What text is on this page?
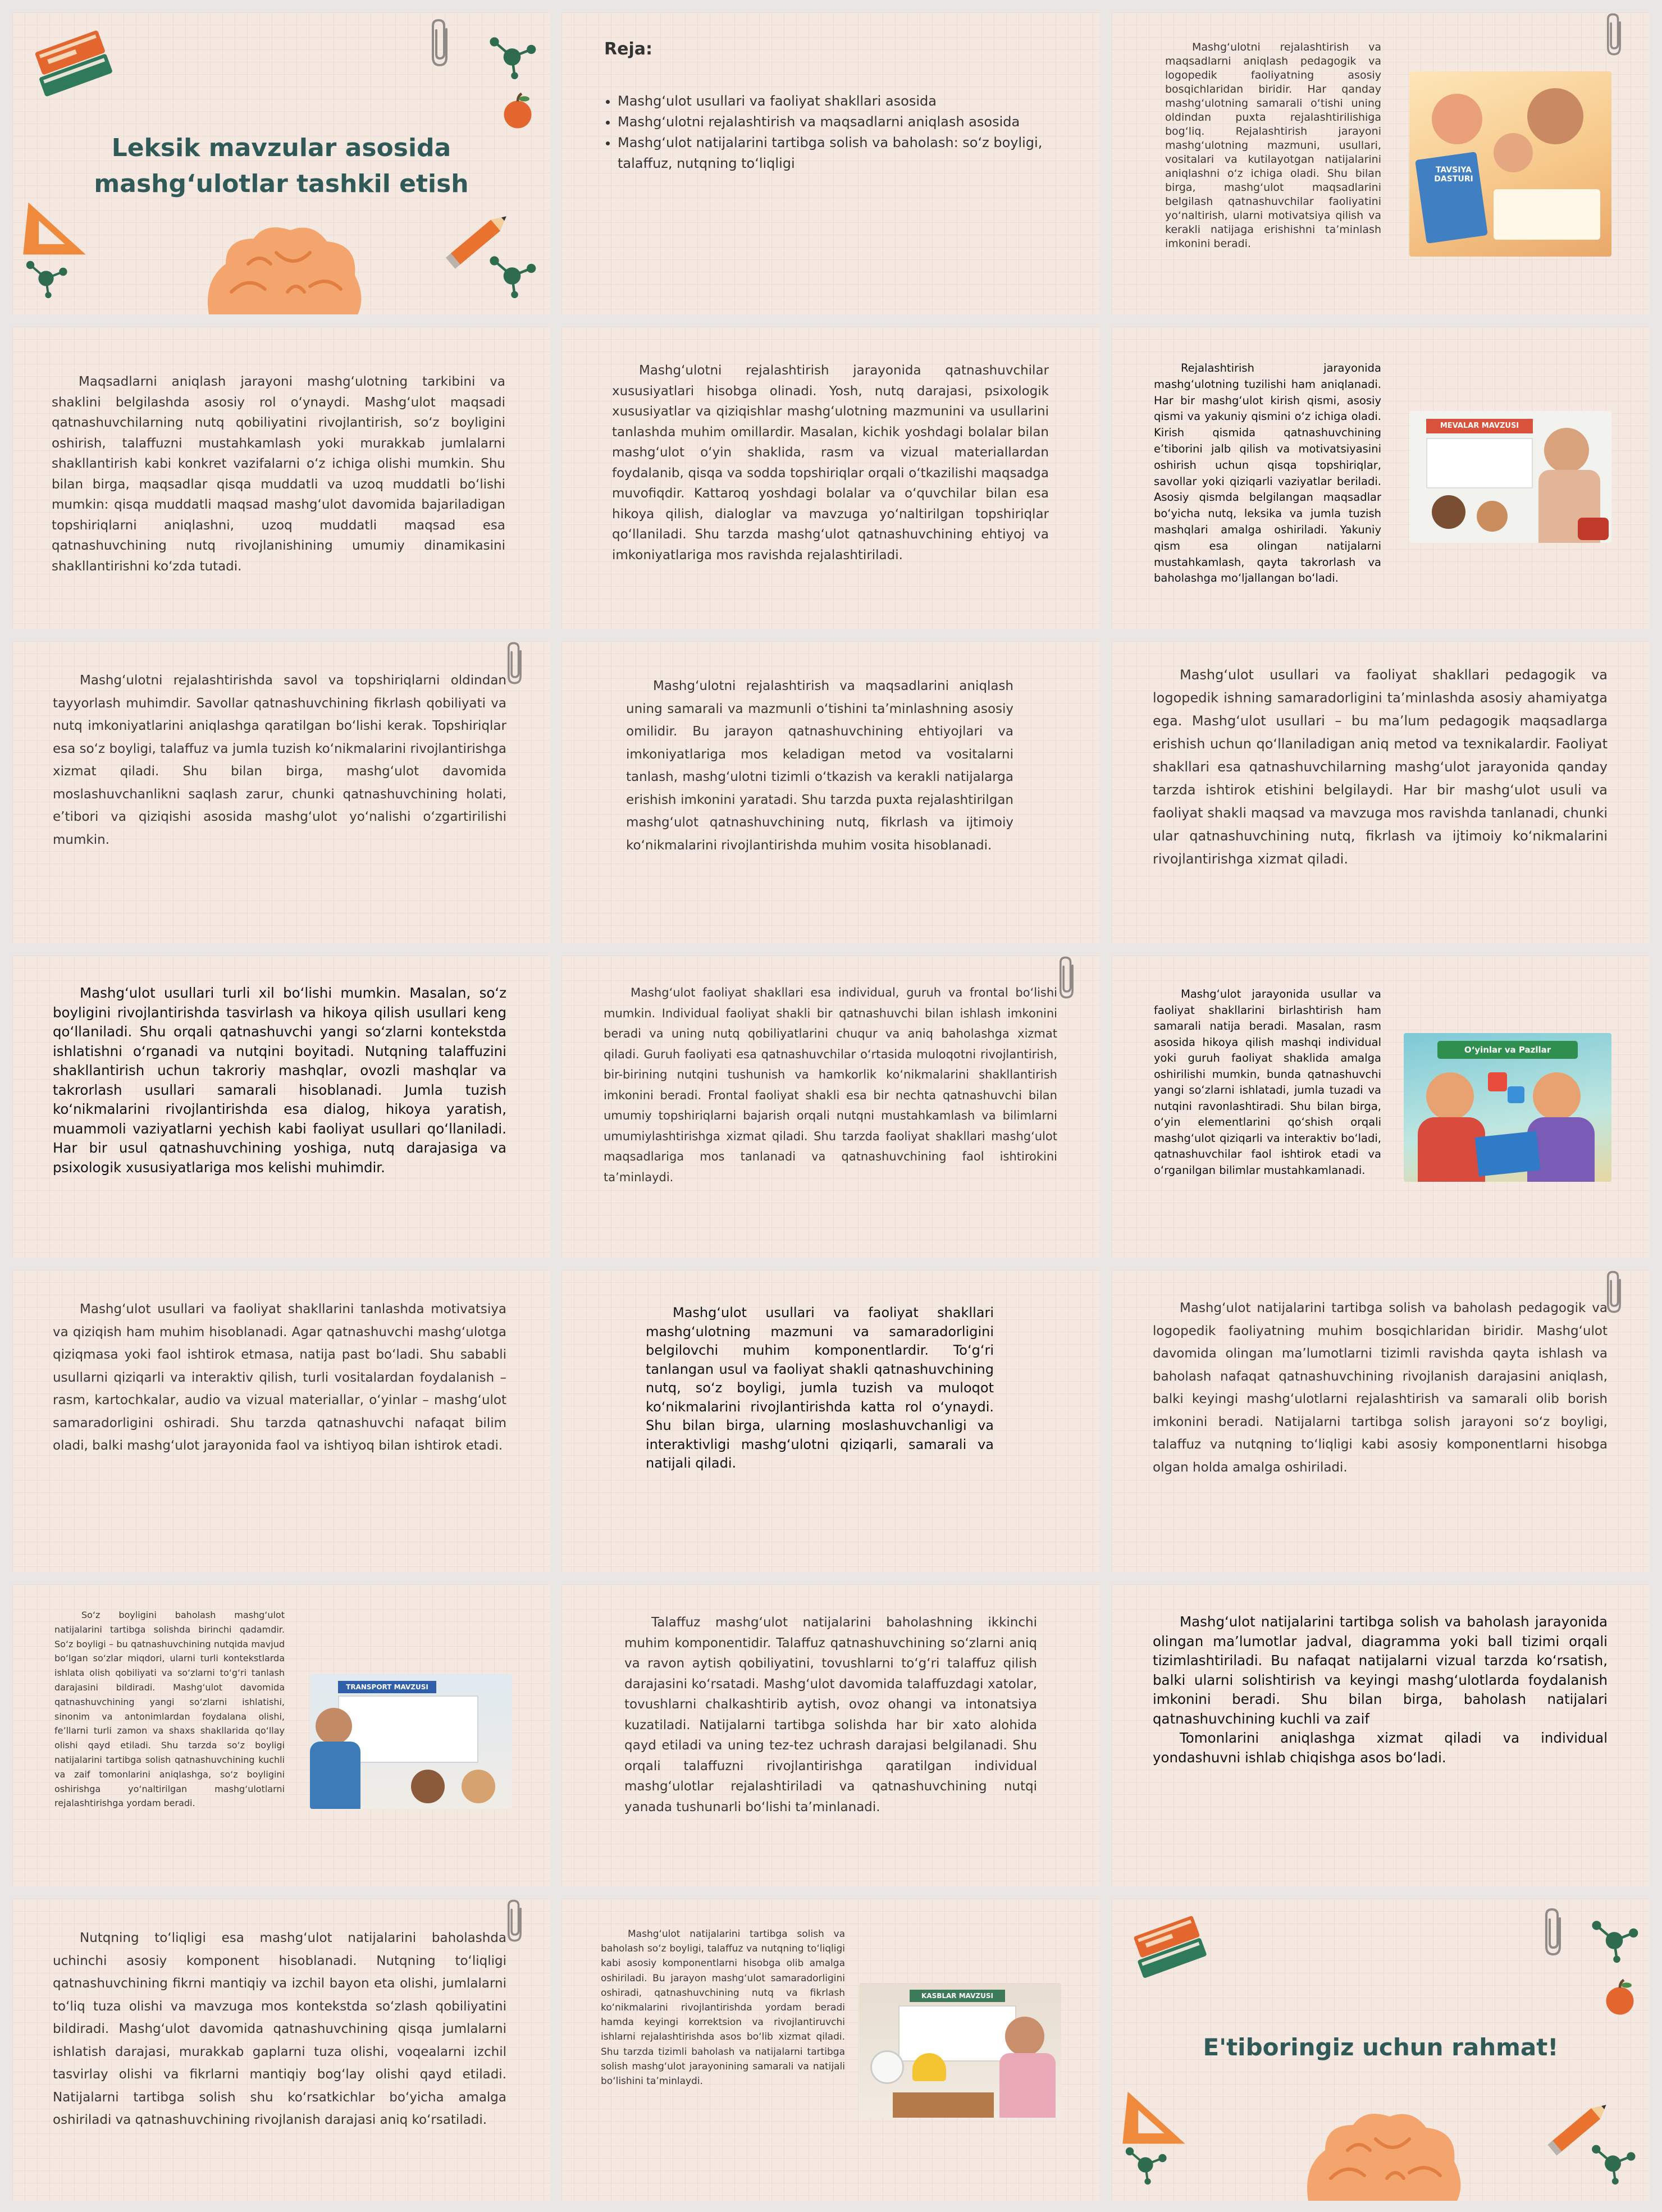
Leksik mavzular asosida mashg‘ulotlar tashkil etish
Reja:
• Mashg‘ulot usullari va faoliyat shakllari asosida
• Mashg‘ulotni rejalashtirish va maqsadlarni aniqlash asosida
• Mashg‘ulot natijalarini tartibga solish va baholash: so‘z boyligi, talaffuz, nutqning to‘liqligi
Mashg‘ulotni rejalashtirish va maqsadlarni aniqlash pedagogik va logopedik faoliyatning asosiy bosqichlaridan biridir. Har qanday mashg‘ulotning samarali o‘tishi uning oldindan puxta rejalashtirilishiga bog‘liq. Rejalashtirish jarayoni mashg‘ulotning mazmuni, usullari, vositalari va kutilayotgan natijalarini aniqlashni o‘z ichiga oladi. Shu bilan birga, mashg‘ulot maqsadlarini belgilash qatnashuvchilar faoliyatini yo‘naltirish, ularni motivatsiya qilish va kerakli natijaga erishishni ta’minlash imkonini beradi.
TAVSIYA DASTURI
Maqsadlarni aniqlash jarayoni mashg‘ulotning tarkibini va shaklini belgilashda asosiy rol o‘ynaydi. Mashg‘ulot maqsadi qatnashuvchilarning nutq qobiliyatini rivojlantirish, so‘z boyligini oshirish, talaffuzni mustahkamlash yoki murakkab jumlalarni shakllantirish kabi konkret vazifalarni o‘z ichiga olishi mumkin. Shu bilan birga, maqsadlar qisqa muddatli va uzoq muddatli bo‘lishi mumkin: qisqa muddatli maqsad mashg‘ulot davomida bajariladigan topshiriqlarni aniqlashni, uzoq muddatli maqsad esa qatnashuvchining nutq rivojlanishining umumiy dinamikasini shakllantirishni ko‘zda tutadi.
Mashg‘ulotni rejalashtirish jarayonida qatnashuvchilar xususiyatlari hisobga olinadi. Yosh, nutq darajasi, psixologik xususiyatlar va qiziqishlar mashg‘ulotning mazmunini va usullarini tanlashda muhim omillardir. Masalan, kichik yoshdagi bolalar bilan mashg‘ulot o‘yin shaklida, rasm va vizual materiallardan foydalanib, qisqa va sodda topshiriqlar orqali o‘tkazilishi maqsadga muvofiqdir. Kattaroq yoshdagi bolalar va o‘quvchilar bilan esa hikoya qilish, dialoglar va mavzuga yo‘naltirilgan topshiriqlar qo‘llaniladi. Shu tarzda mashg‘ulot qatnashuvchining ehtiyoj va imkoniyatlariga mos ravishda rejalashtiriladi.
Rejalashtirish jarayonida mashg‘ulotning tuzilishi ham aniqlanadi. Har bir mashg‘ulot kirish qismi, asosiy qismi va yakuniy qismini o‘z ichiga oladi. Kirish qismida qatnashuvchining e’tiborini jalb qilish va motivatsiyasini oshirish uchun qisqa topshiriqlar, savollar yoki qiziqarli vaziyatlar beriladi. Asosiy qismda belgilangan maqsadlar bo‘yicha nutq, leksika va jumla tuzish mashqlari amalga oshiriladi. Yakuniy qism esa olingan natijalarni mustahkamlash, qayta takrorlash va baholashga mo‘ljallangan bo‘ladi.
MEVALAR MAVZUSI
Mashg‘ulotni rejalashtirishda savol va topshiriqlarni oldindan tayyorlash muhimdir. Savollar qatnashuvchining fikrlash qobiliyati va nutq imkoniyatlarini aniqlashga qaratilgan bo‘lishi kerak. Topshiriqlar esa so‘z boyligi, talaffuz va jumla tuzish ko‘nikmalarini rivojlantirishga xizmat qiladi. Shu bilan birga, mashg‘ulot davomida moslashuvchanlikni saqlash zarur, chunki qatnashuvchining holati, e’tibori va qiziqishi asosida mashg‘ulot yo‘nalishi o‘zgartirilishi mumkin.
Mashg‘ulotni rejalashtirish va maqsadlarini aniqlash uning samarali va mazmunli o‘tishini ta’minlashning asosiy omilidir. Bu jarayon qatnashuvchining ehtiyojlari va imkoniyatlariga mos keladigan metod va vositalarni tanlash, mashg‘ulotni tizimli o‘tkazish va kerakli natijalarga erishish imkonini yaratadi. Shu tarzda puxta rejalashtirilgan mashg‘ulot qatnashuvchining nutq, fikrlash va ijtimoiy ko‘nikmalarini rivojlantirishda muhim vosita hisoblanadi.
Mashg‘ulot usullari va faoliyat shakllari pedagogik va logopedik ishning samaradorligini ta’minlashda asosiy ahamiyatga ega. Mashg‘ulot usullari – bu ma’lum pedagogik maqsadlarga erishish uchun qo‘llaniladigan aniq metod va texnikalardir. Faoliyat shakllari esa qatnashuvchilarning mashg‘ulot jarayonida qanday tarzda ishtirok etishini belgilaydi. Har bir mashg‘ulot usuli va faoliyat shakli maqsad va mavzuga mos ravishda tanlanadi, chunki ular qatnashuvchining nutq, fikrlash va ijtimoiy ko‘nikmalarini rivojlantirishga xizmat qiladi.
Mashg‘ulot usullari turli xil bo‘lishi mumkin. Masalan, so‘z boyligini rivojlantirishda tasvirlash va hikoya qilish usullari keng qo‘llaniladi. Shu orqali qatnashuvchi yangi so‘zlarni kontekstda ishlatishni o‘rganadi va nutqini boyitadi. Nutqning talaffuzini shakllantirish uchun takroriy mashqlar, ovozli mashqlar va takrorlash usullari samarali hisoblanadi. Jumla tuzish ko‘nikmalarini rivojlantirishda esa dialog, hikoya yaratish, muammoli vaziyatlarni yechish kabi faoliyat usullari qo‘llaniladi. Har bir usul qatnashuvchining yoshiga, nutq darajasiga va psixologik xususiyatlariga mos kelishi muhimdir.
Mashg‘ulot faoliyat shakllari esa individual, guruh va frontal bo‘lishi mumkin. Individual faoliyat shakli bir qatnashuvchi bilan ishlash imkonini beradi va uning nutq qobiliyatlarini chuqur va aniq baholashga xizmat qiladi. Guruh faoliyati esa qatnashuvchilar o‘rtasida muloqotni rivojlantirish, bir-birining nutqini tushunish va hamkorlik ko‘nikmalarini shakllantirish imkonini beradi. Frontal faoliyat shakli esa bir nechta qatnashuvchi bilan umumiy topshiriqlarni bajarish orqali nutqni mustahkamlash va bilimlarni umumiylashtirishga xizmat qiladi. Shu tarzda faoliyat shakllari mashg‘ulot maqsadlariga mos tanlanadi va qatnashuvchining faol ishtirokini ta’minlaydi.
Mashg‘ulot jarayonida usullar va faoliyat shakllarini birlashtirish ham samarali natija beradi. Masalan, rasm asosida hikoya qilish mashqi individual yoki guruh faoliyat shaklida amalga oshirilishi mumkin, bunda qatnashuvchi yangi so‘zlarni ishlatadi, jumla tuzadi va nutqini ravonlashtiradi. Shu bilan birga, o‘yin elementlarini qo‘shish orqali mashg‘ulot qiziqarli va interaktiv bo‘ladi, qatnashuvchilar faol ishtirok etadi va o‘rganilgan bilimlar mustahkamlanadi.
O‘yinlar va Pazllar
Mashg‘ulot usullari va faoliyat shakllarini tanlashda motivatsiya va qiziqish ham muhim hisoblanadi. Agar qatnashuvchi mashg‘ulotga qiziqmasa yoki faol ishtirok etmasa, natija past bo‘ladi. Shu sababli usullarni qiziqarli va interaktiv qilish, turli vositalardan foydalanish – rasm, kartochkalar, audio va vizual materiallar, o‘yinlar – mashg‘ulot samaradorligini oshiradi. Shu tarzda qatnashuvchi nafaqat bilim oladi, balki mashg‘ulot jarayonida faol va ishtiyoq bilan ishtirok etadi.
Mashg‘ulot usullari va faoliyat shakllari mashg‘ulotning mazmuni va samaradorligini belgilovchi muhim komponentlardir. To‘g‘ri tanlangan usul va faoliyat shakli qatnashuvchining nutq, so‘z boyligi, jumla tuzish va muloqot ko‘nikmalarini rivojlantirishda katta rol o‘ynaydi. Shu bilan birga, ularning moslashuvchanligi va interaktivligi mashg‘ulotni qiziqarli, samarali va natijali qiladi.
Mashg‘ulot natijalarini tartibga solish va baholash pedagogik va logopedik faoliyatning muhim bosqichlaridan biridir. Mashg‘ulot davomida olingan ma’lumotlarni tizimli ravishda qayta ishlash va baholash nafaqat qatnashuvchining rivojlanish darajasini aniqlash, balki keyingi mashg‘ulotlarni rejalashtirish va samarali olib borish imkonini beradi. Natijalarni tartibga solish jarayoni so‘z boyligi, talaffuz va nutqning to‘liqligi kabi asosiy komponentlarni hisobga olgan holda amalga oshiriladi.
So‘z boyligini baholash mashg‘ulot natijalarini tartibga solishda birinchi qadamdir. So‘z boyligi – bu qatnashuvchining nutqida mavjud bo‘lgan so‘zlar miqdori, ularni turli kontekstlarda ishlata olish qobiliyati va so‘zlarni to‘g‘ri tanlash darajasini bildiradi. Mashg‘ulot davomida qatnashuvchining yangi so‘zlarni ishlatishi, sinonim va antonimlardan foydalana olishi, fe’llarni turli zamon va shaxs shakllarida qo‘llay olishi qayd etiladi. Shu tarzda so‘z boyligi natijalarini tartibga solish qatnashuvchining kuchli va zaif tomonlarini aniqlashga, so‘z boyligini oshirishga yo‘naltirilgan mashg‘ulotlarni rejalashtirishga yordam beradi.
TRANSPORT MAVZUSI
Talaffuz mashg‘ulot natijalarini baholashning ikkinchi muhim komponentidir. Talaffuz qatnashuvchining so‘zlarni aniq va ravon aytish qobiliyatini, tovushlarni to‘g‘ri talaffuz qilish darajasini ko‘rsatadi. Mashg‘ulot davomida talaffuzdagi xatolar, tovushlarni chalkashtirib aytish, ovoz ohangi va intonatsiya kuzatiladi. Natijalarni tartibga solishda har bir xato alohida qayd etiladi va uning tez-tez uchrash darajasi belgilanadi. Shu orqali talaffuzni rivojlantirishga qaratilgan individual mashg‘ulotlar rejalashtiriladi va qatnashuvchining nutqi yanada tushunarli bo‘lishi ta’minlanadi.

Mashg‘ulot natijalarini tartibga solish va baholash jarayonida olingan ma’lumotlar jadval, diagramma yoki ball tizimi orqali tizimlashtiriladi. Bu nafaqat natijalarni vizual tarzda ko‘rsatish, balki ularni solishtirish va keyingi mashg‘ulotlarda foydalanish imkonini beradi. Shu bilan birga, baholash natijalari qatnashuvchining kuchli va zaif

Tomonlarini aniqlashga xizmat qiladi va individual yondashuvni ishlab chiqishga asos bo‘ladi.

Nutqning to‘liqligi esa mashg‘ulot natijalarini baholashda uchinchi asosiy komponent hisoblanadi. Nutqning to‘liqligi qatnashuvchining fikrni mantiqiy va izchil bayon eta olishi, jumlalarni to‘liq tuza olishi va mavzuga mos kontekstda so‘zlash qobiliyatini bildiradi. Mashg‘ulot davomida qatnashuvchining qisqa jumlalarni ishlatish darajasi, murakkab gaplarni tuza olishi, voqealarni izchil tasvirlay olishi va fikrlarni mantiqiy bog‘lay olishi qayd etiladi. Natijalarni tartibga solish shu ko‘rsatkichlar bo‘yicha amalga oshiriladi va qatnashuvchining rivojlanish darajasi aniq ko‘rsatiladi.
Mashg‘ulot natijalarini tartibga solish va baholash so‘z boyligi, talaffuz va nutqning to‘liqligi kabi asosiy komponentlarni hisobga olib amalga oshiriladi. Bu jarayon mashg‘ulot samaradorligini oshiradi, qatnashuvchining nutq va fikrlash ko‘nikmalarini rivojlantirishda yordam beradi hamda keyingi korrektsion va rivojlantiruvchi ishlarni rejalashtirishda asos bo‘lib xizmat qiladi. Shu tarzda tizimli baholash va natijalarni tartibga solish mashg‘ulot jarayonining samarali va natijali bo‘lishini ta’minlaydi.
KASBLAR MAVZUSI
E'tiboringiz uchun rahmat!
